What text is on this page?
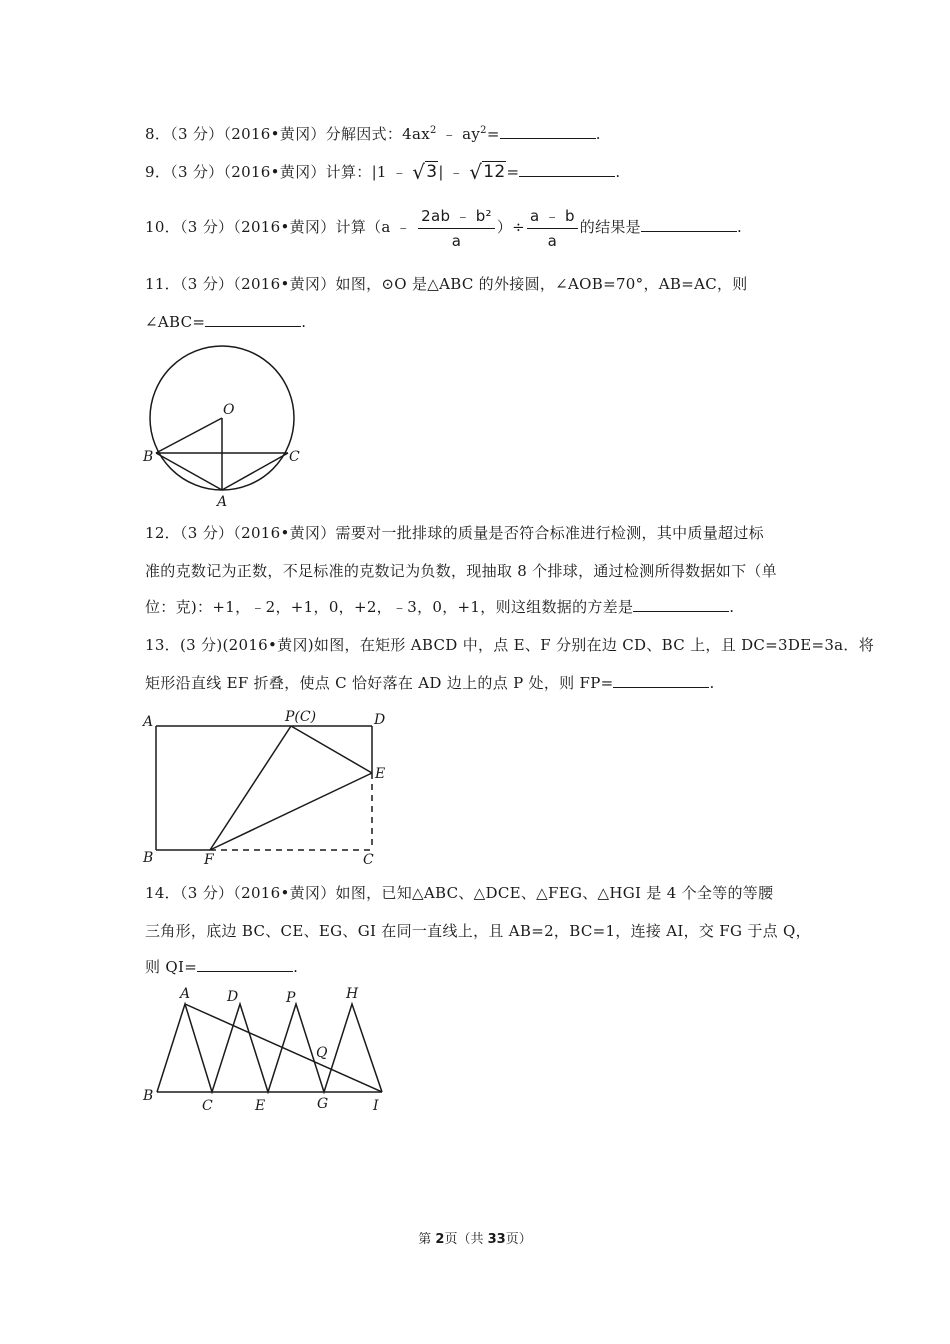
8．（3 分）（2016•黄冈）分解因式：$4ax^2$ ﹣ $ay^2=$	.
9．（3 分）（2016•黄冈）计算：|1 ﹣ √3| ﹣ √12=	.
10．（3 分）（2016•黄冈）计算（a ﹣ $\frac{\text{2ab ﹣ b²}}{a}$ ）÷ $\frac{a ﹣ b}{a}$ 的结果是	.
11．（3 分）（2016•黄冈）如图，⊙O 是△ABC 的外接圆，∠AOB=70°，AB=AC，则
∠ABC=	.
O
B	C
A
12．（3 分）（2016•黄冈）需要对一批排球的质量是否符合标准进行检测，其中质量超过标
准的克数记为正数，不足标准的克数记为负数，现抽取 8 个排球，通过检测所得数据如下（单
位：克)：+1，﹣2，+1，0，+2，﹣3，0，+1，则这组数据的方差是	.
13．(3 分)(2016•黄冈)如图，在矩形 ABCD 中，点 E、F 分别在边 CD、BC 上，且 DC=3DE=3a．将
矩形沿直线 EF 折叠，使点 C 恰好落在 AD 边上的点 P 处，则 FP=	.
A	P(C)	D
E
B	F	C
14．（3 分）（2016•黄冈）如图，已知△ABC、△DCE、△FEG、△HGI 是 4 个全等的等腰
三角形，底边 BC、CE、EG、GI 在同一直线上，且 AB=2，BC=1，连接 AI，交 FG 于点 Q，
则 QI=	.
A	D	P	H
Q
B
C	E	G	I
第 2页（共 33页）
